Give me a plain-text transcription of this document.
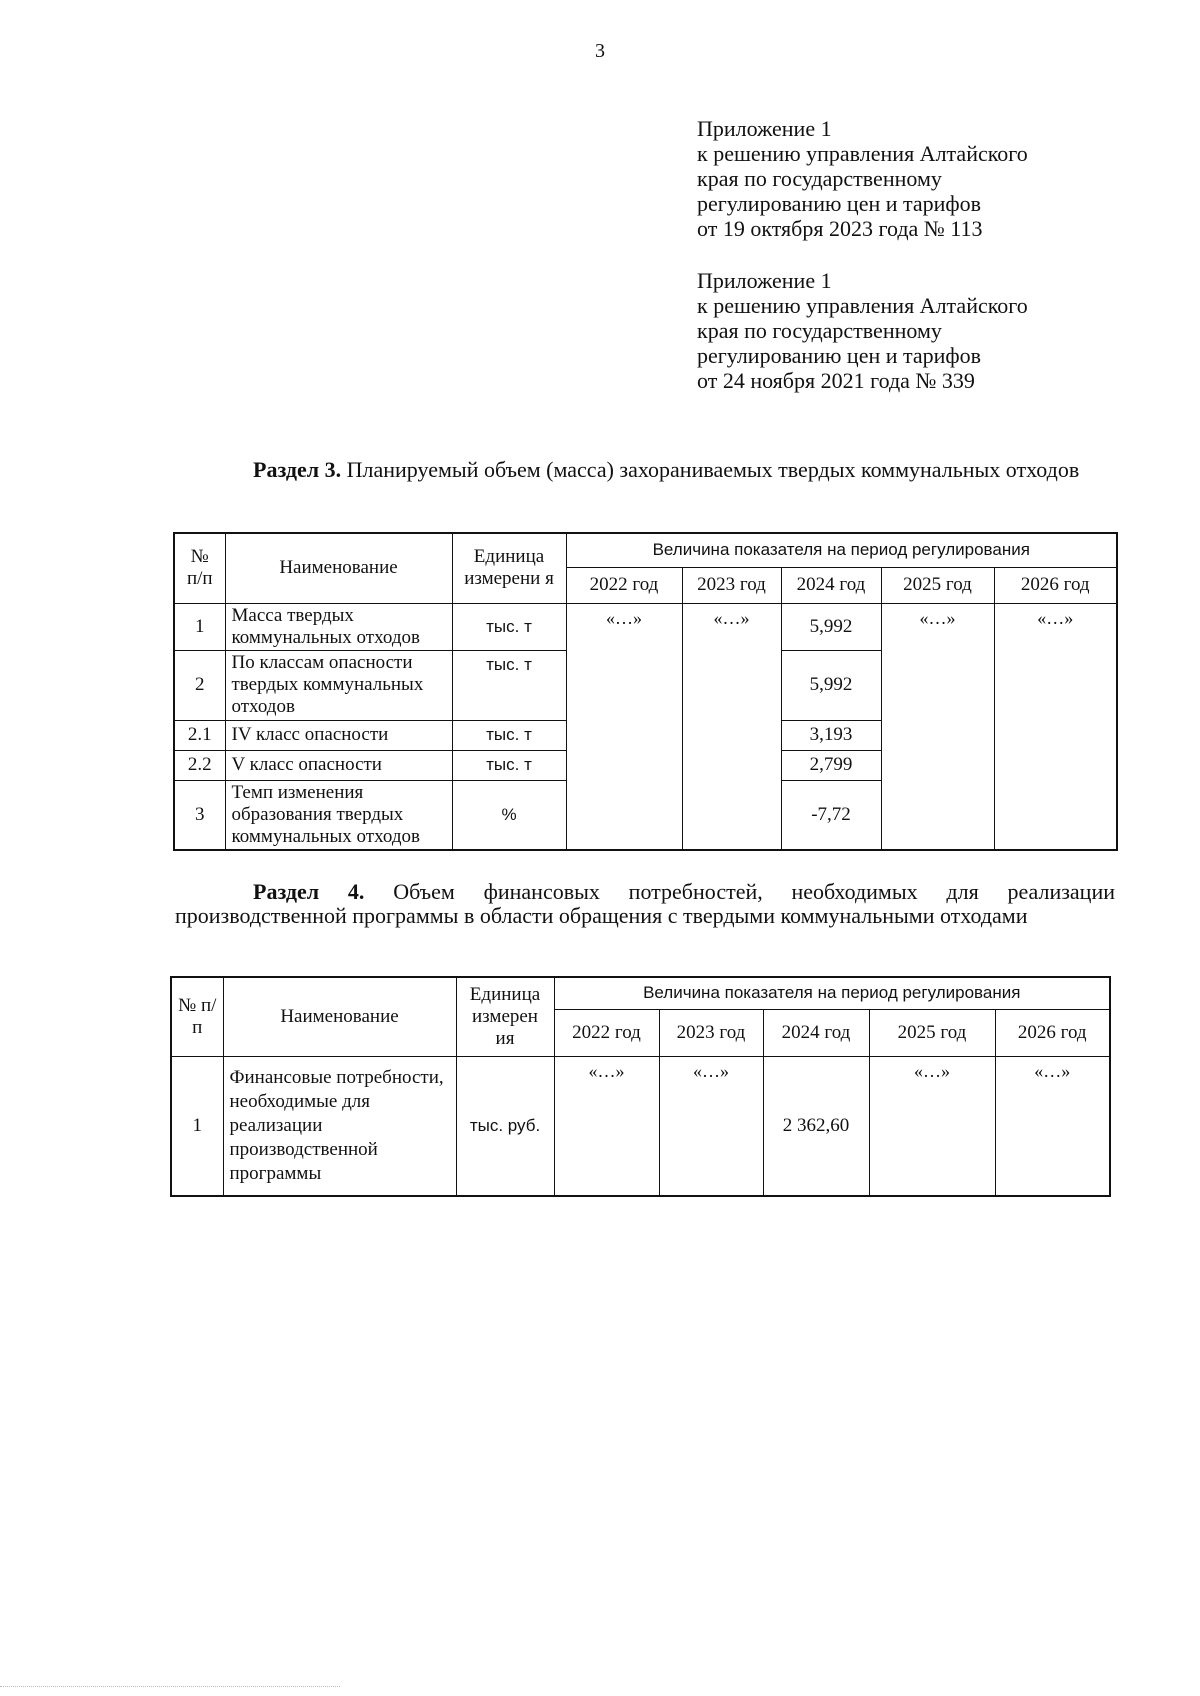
3
Приложение 1
к решению управления Алтайского
края по государственному
регулированию цен и тарифов
от 19 октября 2023 года № 113
Приложение 1
к решению управления Алтайского
края по государственному
регулированию цен и тарифов
от 24 ноября 2021 года № 339
Раздел 3. Планируемый объем (масса) захораниваемых твердых коммунальных отходов
№ п/п	Наименование	Единица измерени я	Величина показателя на период регулирования				
			2022 год	2023 год	2024 год	2025 год	2026 год
1	Масса твердых коммунальных отходов	тыс. т	«…»	«…»	5,992	«…»	«…»
2	По классам опасности твердых коммунальных отходов	тыс. т			5,992		
2.1	IV класс опасности	тыс. т			3,193		
2.2	V класс опасности	тыс. т			2,799		
3	Темп изменения образования твердых коммунальных отходов	%			-7,72		
Раздел 4. Объем финансовых потребностей, необходимых для реализации производственной программы в области обращения с твердыми коммунальными отходами
№ п/п	Наименование	Единица измерен ия	Величина показателя на период регулирования				
			2022 год	2023 год	2024 год	2025 год	2026 год
1	Финансовые потребности, необходимые для реализации производственной программы	тыс. руб.	«…»	«…»	2 362,60	«…»	«…»
